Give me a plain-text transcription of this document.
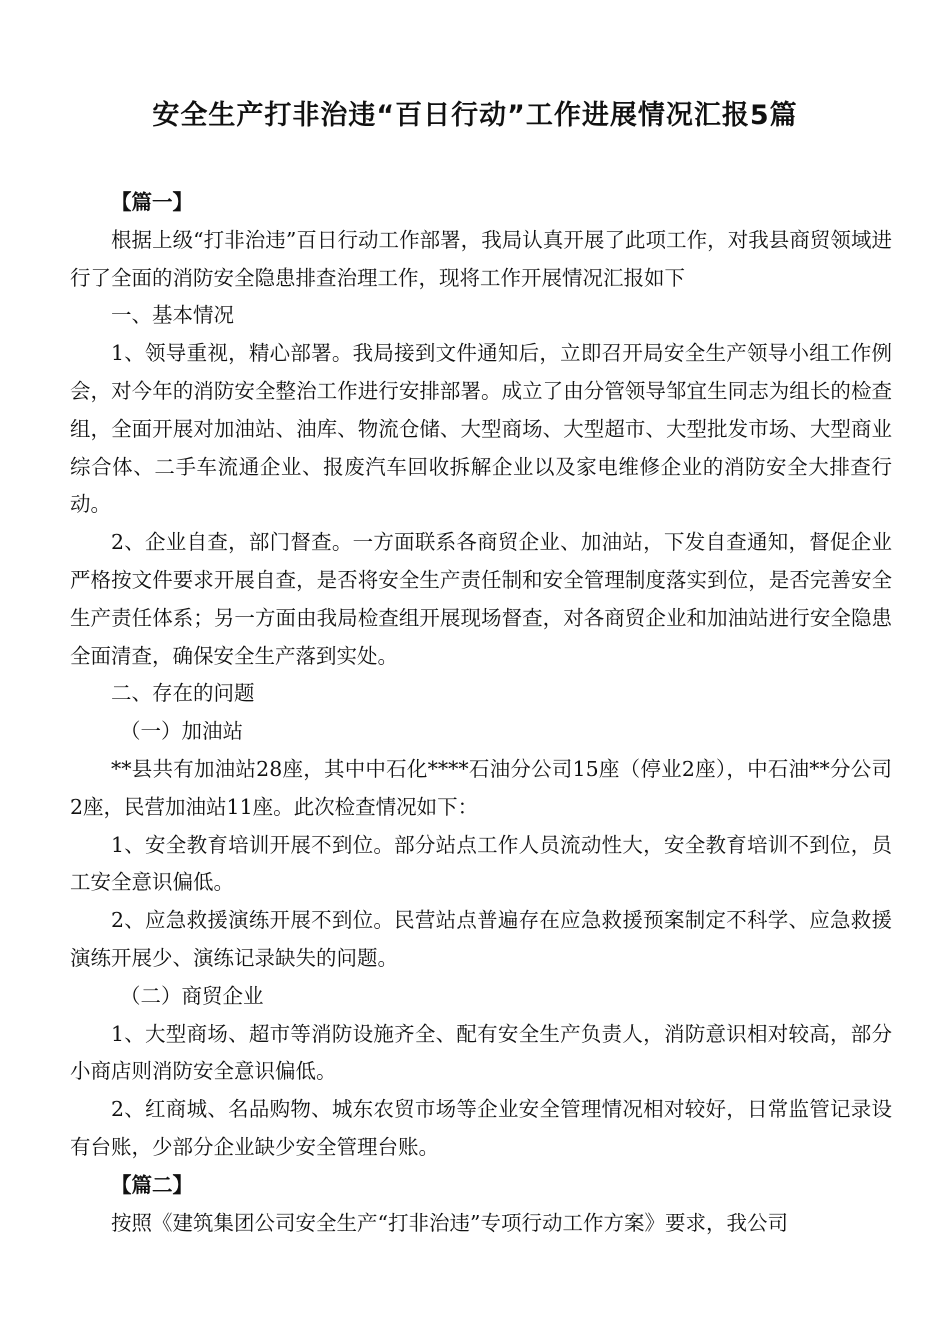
安全生产打非治违“百日行动”工作进展情况汇报5篇

【篇一】

根据上级“打非治违”百日行动工作部署，我局认真开展了此项工作，对我县商贸领域进行了全面的消防安全隐患排查治理工作，现将工作开展情况汇报如下

一、基本情况

1、领导重视，精心部署。我局接到文件通知后，立即召开局安全生产领导小组工作例会，对今年的消防安全整治工作进行安排部署。成立了由分管领导邹宜生同志为组长的检查组，全面开展对加油站、油库、物流仓储、大型商场、大型超市、大型批发市场、大型商业综合体、二手车流通企业、报废汽车回收拆解企业以及家电维修企业的消防安全大排查行动。

2、企业自查，部门督查。一方面联系各商贸企业、加油站，下发自查通知，督促企业严格按文件要求开展自查，是否将安全生产责任制和安全管理制度落实到位，是否完善安全生产责任体系；另一方面由我局检查组开展现场督查，对各商贸企业和加油站进行安全隐患全面清查，确保安全生产落到实处。

二、存在的问题

（一）加油站

**县共有加油站28座，其中中石化****石油分公司15座（停业2座），中石油**分公司2座，民营加油站11座。此次检查情况如下：

1、安全教育培训开展不到位。部分站点工作人员流动性大，安全教育培训不到位，员工安全意识偏低。

2、应急救援演练开展不到位。民营站点普遍存在应急救援预案制定不科学、应急救援演练开展少、演练记录缺失的问题。

（二）商贸企业

1、大型商场、超市等消防设施齐全、配有安全生产负责人，消防意识相对较高，部分小商店则消防安全意识偏低。

2、红商城、名品购物、城东农贸市场等企业安全管理情况相对较好，日常监管记录设有台账，少部分企业缺少安全管理台账。

【篇二】

按照《建筑集团公司安全生产“打非治违”专项行动工作方案》要求，我公司
